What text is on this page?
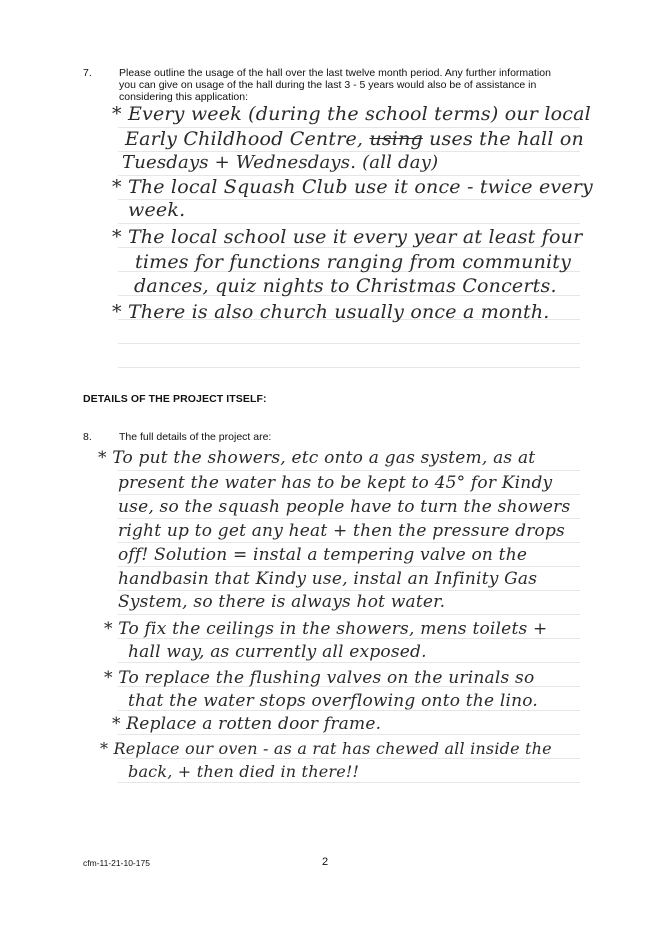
7.	Please outline the usage of the hall over the last twelve month period. Any further information
you can give on usage of the hall during the last 3 - 5 years would also be of assistance in
considering this application:
* Every week (during the school terms) our local
Early Childhood Centre, using uses the hall on
Tuesdays + Wednesdays. (all day)
* The local Squash Club use it once - twice every
week.
* The local school use it every year at least four
times for functions ranging from community
dances, quiz nights to Christmas Concerts.
* There is also church usually once a month.
DETAILS OF THE PROJECT ITSELF:
8.	The full details of the project are:
* To put the showers, etc onto a gas system, as at
present the water has to be kept to 45° for Kindy
use, so the squash people have to turn the showers
right up to get any heat + then the pressure drops
off! Solution = instal a tempering valve on the
handbasin that Kindy use, instal an Infinity Gas
System, so there is always hot water.
* To fix the ceilings in the showers, mens toilets +
hall way, as currently all exposed.
* To replace the flushing valves on the urinals so
that the water stops overflowing onto the lino.
* Replace a rotten door frame.
* Replace our oven - as a rat has chewed all inside the
back, + then died in there!!
cfm-11-21-10-175	2
